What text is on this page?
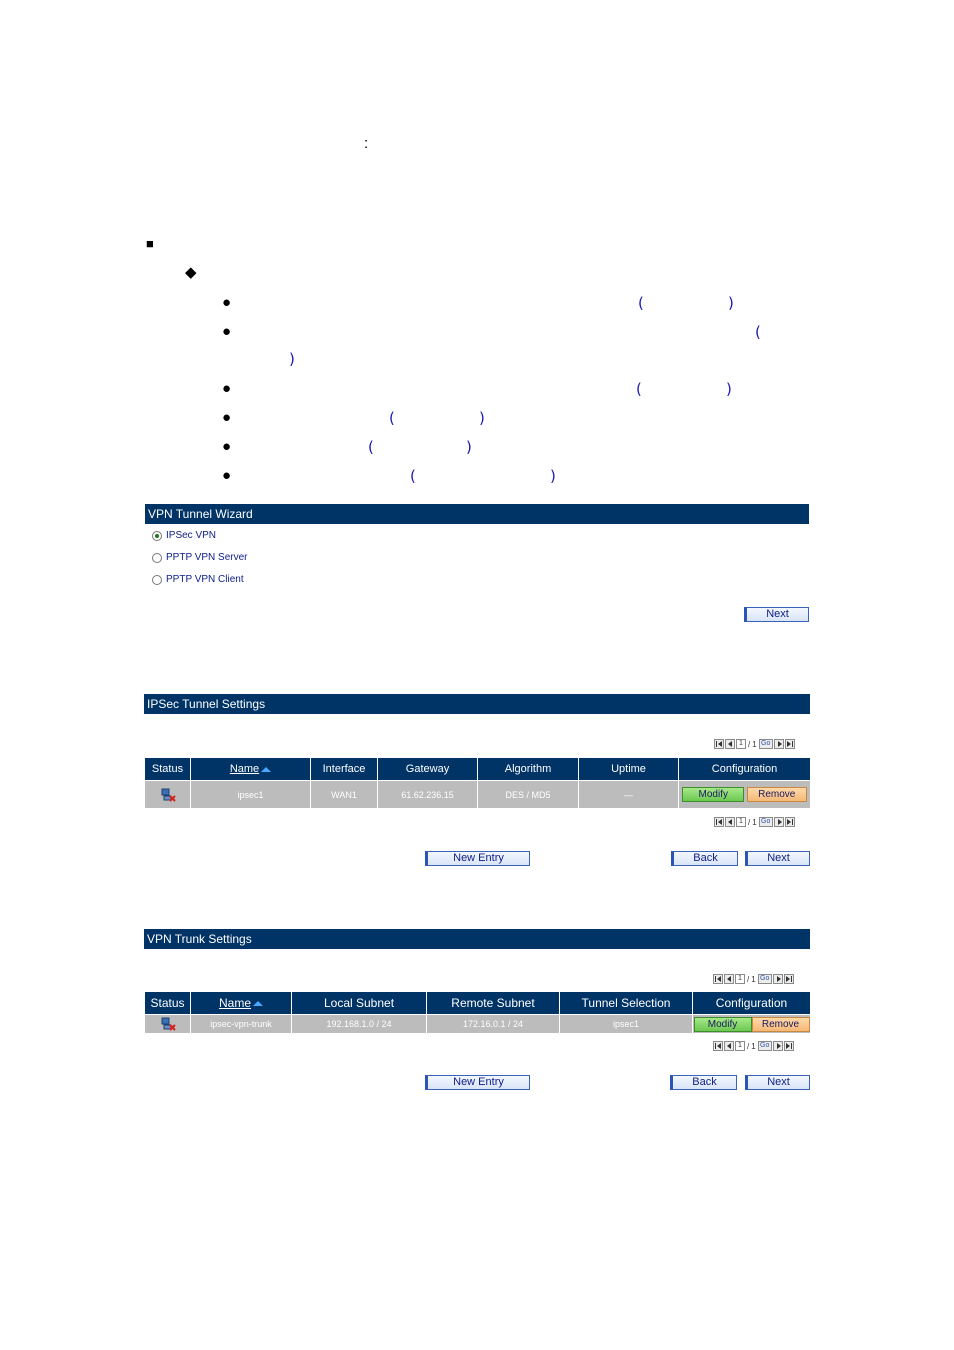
:
■
◆
●	(	)
●	(
)
●	(	)
●	(	)
●	(	)
●	(	)
VPN Tunnel Wizard
IPSec VPN
PPTP VPN Server
PPTP VPN Client
Next
IPSec Tunnel Settings
1 / 1 Go
Status	Name	Interface	Gateway	Algorithm	Uptime	Configuration
	ipsec1	WAN1	61.62.236.15	DES / MD5	—	Modify Remove
1 / 1 Go
New Entry	Back	Next
VPN Trunk Settings
1 / 1 Go
Status	Name	Local Subnet	Remote Subnet	Tunnel Selection	Configuration
	ipsec-vpn-trunk	192.168.1.0 / 24	172.16.0.1 / 24	ipsec1	Modify Remove
1 / 1 Go
New Entry	Back	Next
